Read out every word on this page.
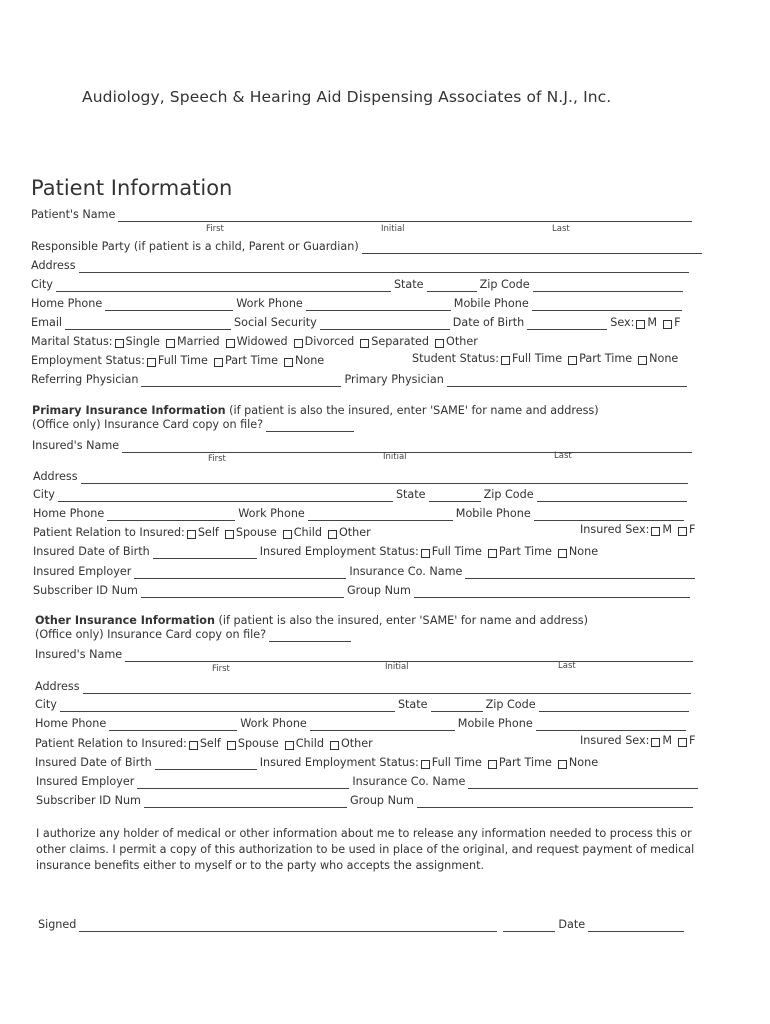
Audiology, Speech & Hearing Aid Dispensing Associates of N.J., Inc.
Patient Information
Patient's Name
First	Initial	Last
Responsible Party (if patient is a child, Parent or Guardian)
Address
City	State	Zip Code
Home Phone	Work Phone	Mobile Phone
Email	Social Security	Date of Birth	Sex: M F
Marital Status: Single Married Widowed Divorced Separated Other
Employment Status: Full Time Part Time None	Student Status: Full Time Part Time None
Referring Physician	Primary Physician
Primary Insurance Information (if patient is also the insured, enter 'SAME' for name and address)
(Office only) Insurance Card copy on file?
Insured's Name
First	Initial	Last
Address
City	State	Zip Code
Home Phone	Work Phone	Mobile Phone
Patient Relation to Insured: Self Spouse Child Other	Insured Sex: M F
Insured Date of Birth	Insured Employment Status: Full Time Part Time None
Insured Employer	Insurance Co. Name
Subscriber ID Num	Group Num
Other Insurance Information (if patient is also the insured, enter 'SAME' for name and address)
(Office only) Insurance Card copy on file?
Insured's Name
First	Initial	Last
Address
City	State	Zip Code
Home Phone	Work Phone	Mobile Phone
Patient Relation to Insured: Self Spouse Child Other	Insured Sex: M F
Insured Date of Birth	Insured Employment Status: Full Time Part Time None
Insured Employer	Insurance Co. Name
Subscriber ID Num	Group Num
I authorize any holder of medical or other information about me to release any information needed to process this or other claims. I permit a copy of this authorization to be used in place of the original, and request payment of medical insurance benefits either to myself or to the party who accepts the assignment.
Signed	Date
